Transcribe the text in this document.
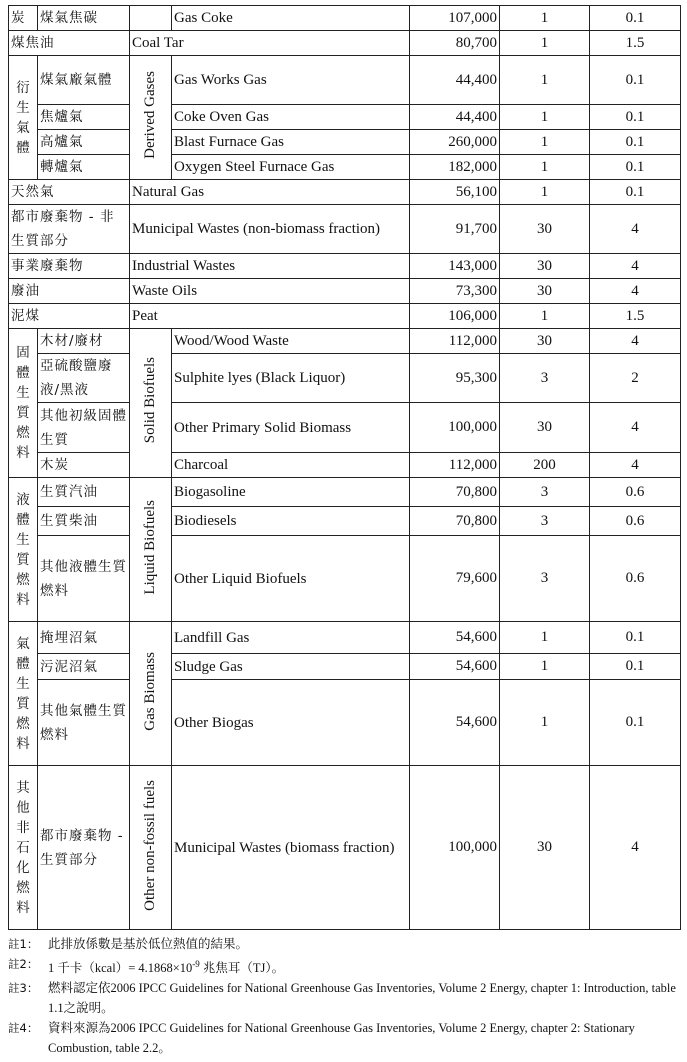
炭	煤氣焦碳		Gas Coke	107,000	1	0.1
煤焦油		Coal Tar		80,700	1	1.5
衍生氣體	煤氣廠氣體	Derived Gases	Gas Works Gas	44,400	1	0.1
	焦爐氣		Coke Oven Gas	44,400	1	0.1
	高爐氣		Blast Furnace Gas	260,000	1	0.1
	轉爐氣		Oxygen Steel Furnace Gas	182,000	1	0.1
天然氣		Natural Gas		56,100	1	0.1
都市廢棄物 - 非生質部分		Municipal Wastes (non-biomass fraction)		91,700	30	4
事業廢棄物		Industrial Wastes		143,000	30	4
廢油		Waste Oils		73,300	30	4
泥煤		Peat		106,000	1	1.5
固體生質燃料	木材/廢材	Solid Biofuels	Wood/Wood Waste	112,000	30	4
	亞硫酸鹽廢液/黑液		Sulphite lyes (Black Liquor)	95,300	3	2
	其他初級固體生質		Other Primary Solid Biomass	100,000	30	4
	木炭		Charcoal	112,000	200	4
液體生質燃料	生質汽油	Liquid Biofuels	Biogasoline	70,800	3	0.6
	生質柴油		Biodiesels	70,800	3	0.6
	其他液體生質燃料		Other Liquid Biofuels	79,600	3	0.6
氣體生質燃料	掩埋沼氣	Gas Biomass	Landfill Gas	54,600	1	0.1
	污泥沼氣		Sludge Gas	54,600	1	0.1
	其他氣體生質燃料		Other Biogas	54,600	1	0.1
其他非石化燃料	都市廢棄物 - 生質部分	Other non-fossil fuels	Municipal Wastes (biomass fraction)	100,000	30	4
註1： 此排放係數是基於低位熱值的結果。
註2： 1 千卡（kcal）= $4.1868\times 10^{-9}$ 兆焦耳（TJ）。
註3： 燃料認定依2006 IPCC Guidelines for National Greenhouse Gas Inventories, Volume 2 Energy, chapter 1: Introduction, table 1.1之說明。
註4： 資料來源為2006 IPCC Guidelines for National Greenhouse Gas Inventories, Volume 2 Energy, chapter 2: Stationary Combustion, table 2.2。
